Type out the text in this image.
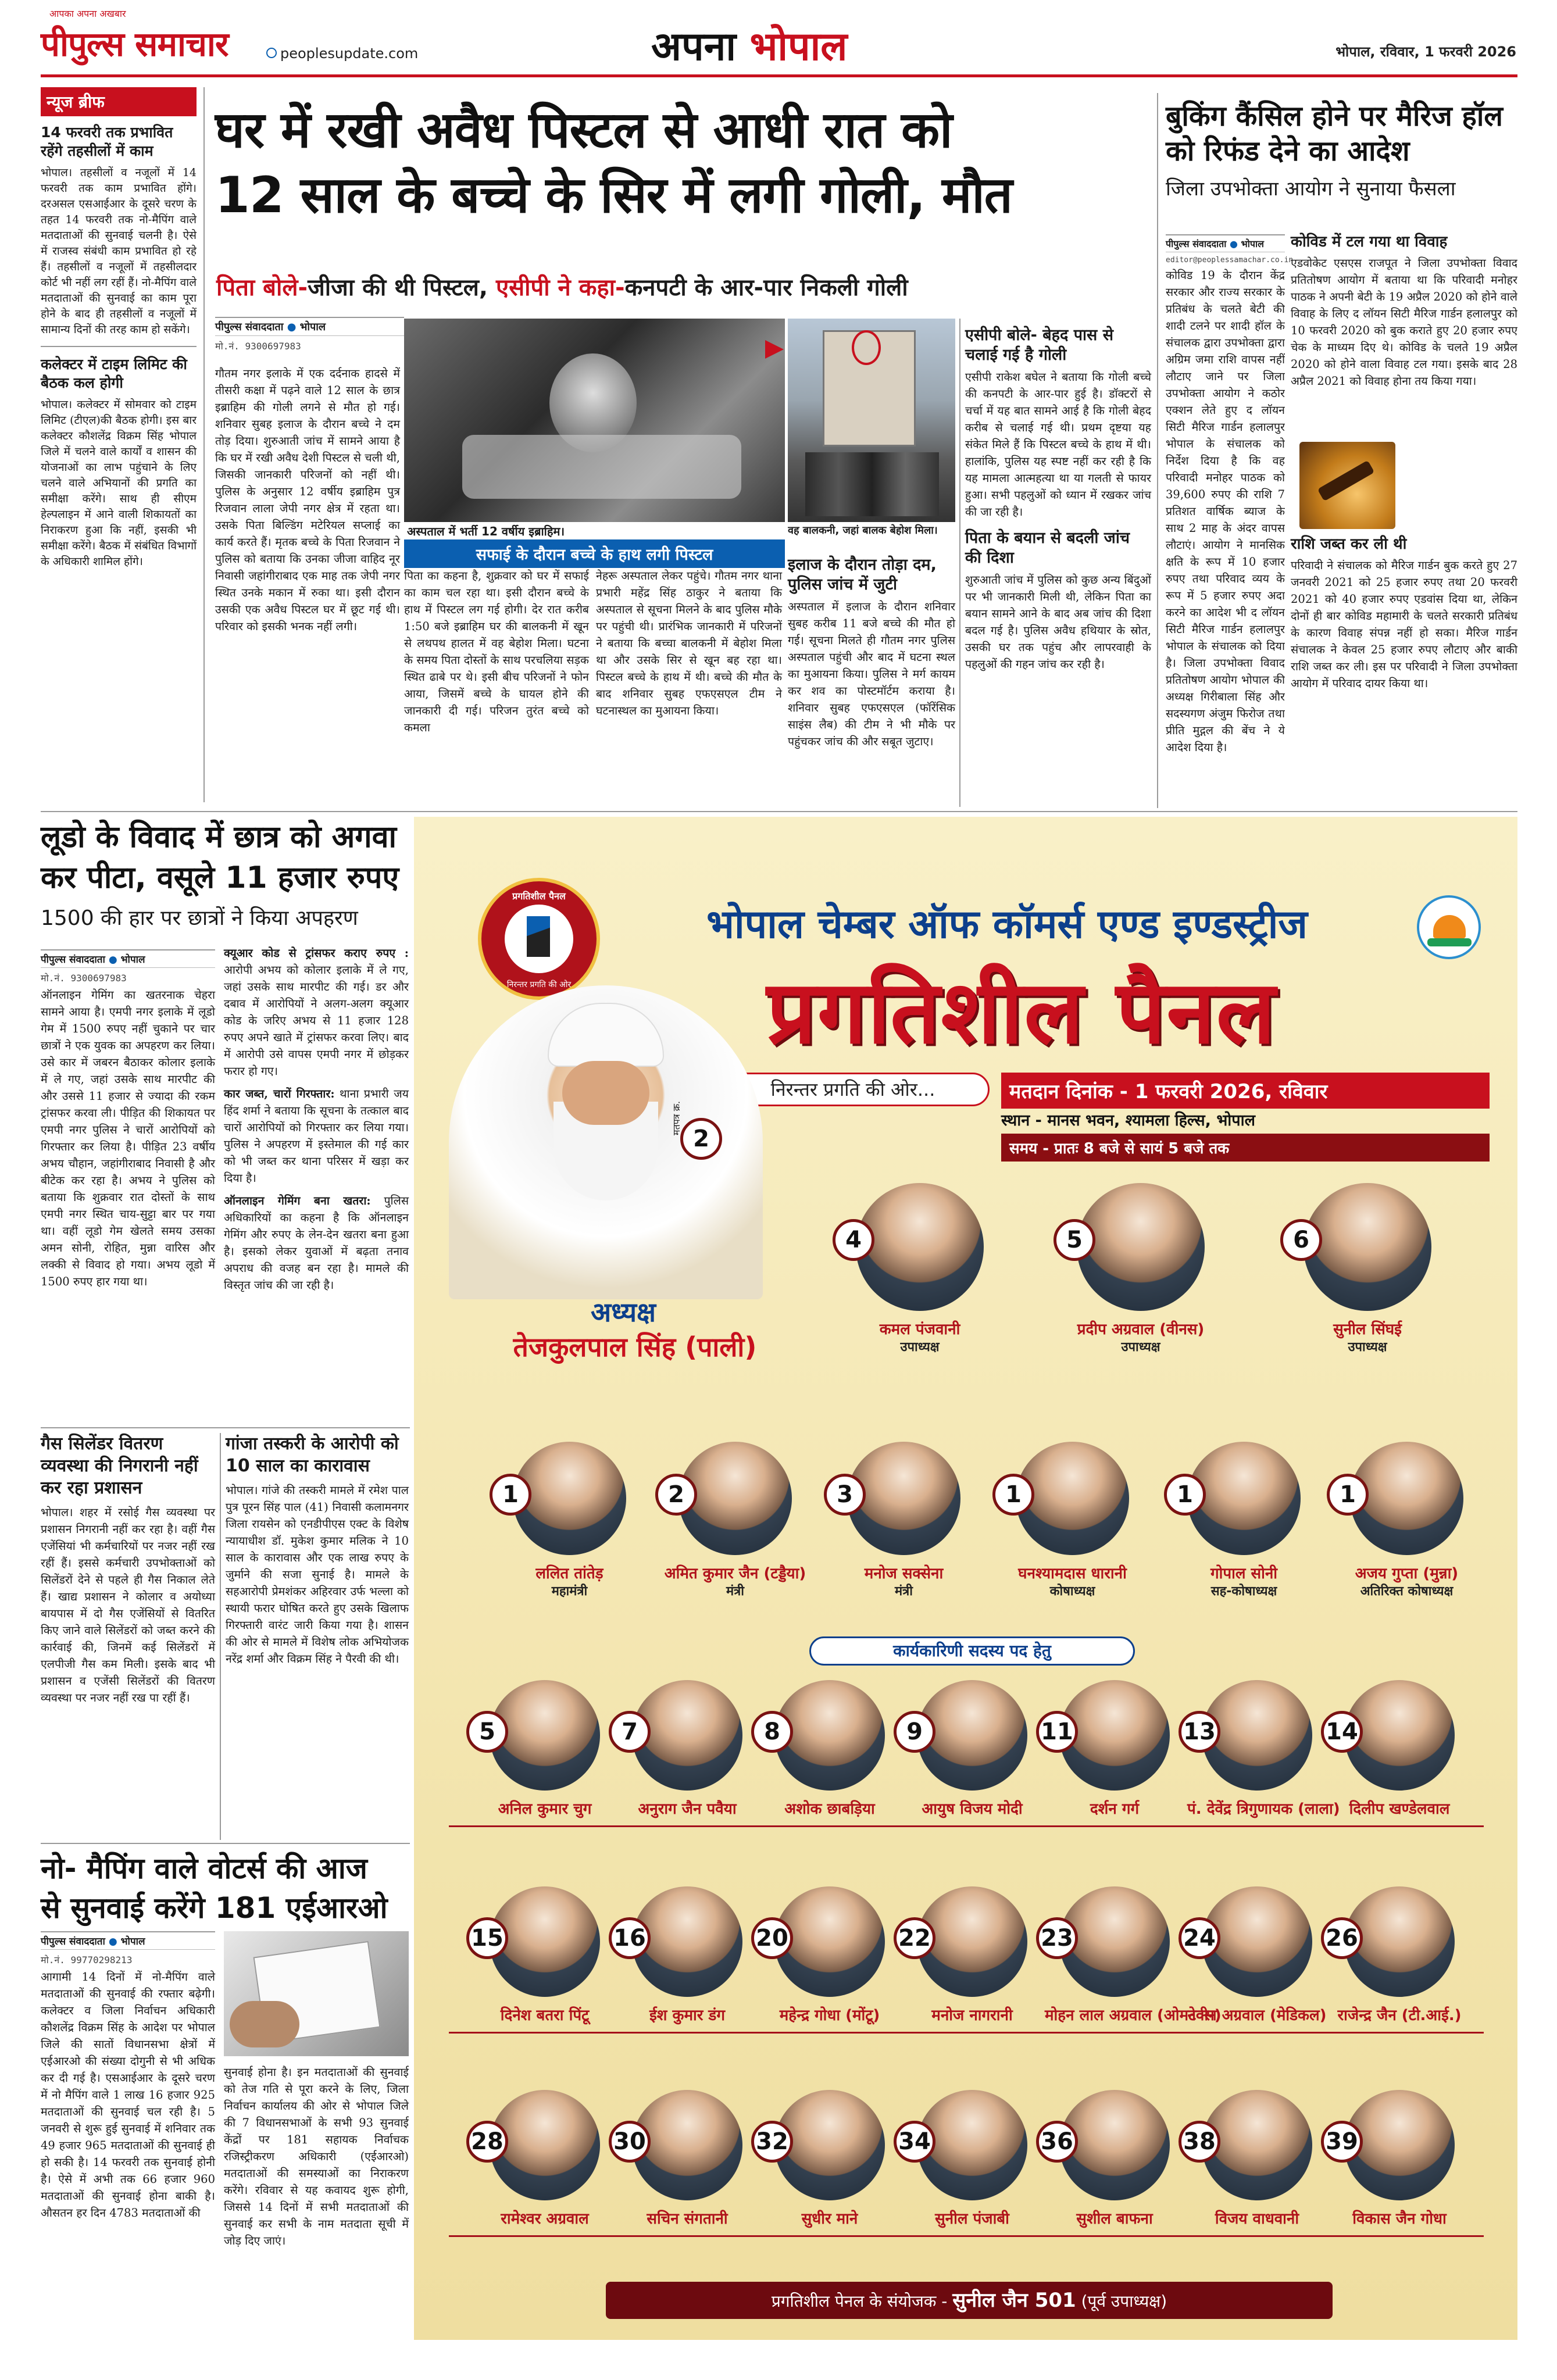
आपका अपना अखबार
पीपुल्स समाचार	peoplesupdate.com	अपना भोपाल	भोपाल, रविवार, 1 फरवरी 2026
न्यूज ब्रीफ
14 फरवरी तक प्रभावित रहेंगे तहसीलों में काम
भोपाल। तहसीलों व नजूलों में 14 फरवरी तक काम प्रभावित होंगे। दरअसल एसआईआर के दूसरे चरण के तहत 14 फरवरी तक नो-मैपिंग वाले मतदाताओं की सुनवाई चलनी है। ऐसे में राजस्व संबंधी काम प्रभावित हो रहे हैं। तहसीलों व नजूलों में तहसीलदार कोर्ट भी नहीं लग रहीं हैं। नो-मैपिंग वाले मतदाताओं की सुनवाई का काम पूरा होने के बाद ही तहसीलों व नजूलों में सामान्य दिनों की तरह काम हो सकेंगे।
कलेक्टर में टाइम लिमिट की बैठक कल होगी
भोपाल। कलेक्टर में सोमवार को टाइम लिमिट (टीएल)की बैठक होगी। इस बार कलेक्टर कौशलेंद्र विक्रम सिंह भोपाल जिले में चलने वाले कार्यों व शासन की योजनाओं का लाभ पहुंचाने के लिए चलने वाले अभियानों की प्रगति का समीक्षा करेंगे। साथ ही सीएम हेल्पलाइन में आने वाली शिकायतों का निराकरण हुआ कि नहीं, इसकी भी समीक्षा करेंगे। बैठक में संबंधित विभागों के अधिकारी शामिल होंगे।
घर में रखी अवैध पिस्टल से आधी रात को
12 साल के बच्चे के सिर में लगी गोली, मौत
पिता बोले-जीजा की थी पिस्टल, एसीपी ने कहा-कनपटी के आर-पार निकली गोली
पीपुल्स संवाददाता ● भोपाल
मो.नं. 9300697983
अस्पताल में भर्ती 12 वर्षीय इब्राहिम।	वह बालकनी, जहां बालक बेहोश मिला।
सफाई के दौरान बच्चे के हाथ लगी पिस्टल
गौतम नगर इलाके में एक दर्दनाक हादसे में तीसरी कक्षा में पढ़ने वाले 12 साल के छात्र इब्राहिम की गोली लगने से मौत हो गई। शनिवार सुबह इलाज के दौरान बच्चे ने दम तोड़ दिया। शुरुआती जांच में सामने आया है कि घर में रखी अवैध देशी पिस्टल से चली थी, जिसकी जानकारी परिजनों को नहीं थी। पुलिस के अनुसार 12 वर्षीय इब्राहिम पुत्र रिजवान लाला जेपी नगर क्षेत्र में रहता था। उसके पिता बिल्डिंग मटेरियल सप्लाई का कार्य करते हैं। मृतक बच्चे के पिता रिजवान ने पुलिस को बताया कि उनका जीजा वाहिद नूर निवासी जहांगीराबाद एक माह तक जेपी नगर स्थित उनके मकान में रुका था। इसी दौरान उसकी एक अवैध पिस्टल घर में छूट गई थी। परिवार को इसकी भनक नहीं लगी।
पिता का कहना है, शुक्रवार को घर में सफाई का काम चल रहा था। इसी दौरान बच्चे के हाथ में पिस्टल लग गई होगी। देर रात करीब 1:50 बजे इब्राहिम घर की बालकनी में खून से लथपथ हालत में वह बेहोश मिला। घटना के समय पिता दोस्तों के साथ परचलिया सड़क स्थित ढाबे पर थे। इसी बीच परिजनों ने फोन आया, जिसमें बच्चे के घायल होने की जानकारी दी गई। परिजन तुरंत बच्चे को कमला
नेहरू अस्पताल लेकर पहुंचे। गौतम नगर थाना प्रभारी महेंद्र सिंह ठाकुर ने बताया कि अस्पताल से सूचना मिलने के बाद पुलिस मौके पर पहुंची थी। प्रारंभिक जानकारी में परिजनों ने बताया कि बच्चा बालकनी में बेहोश मिला था और उसके सिर से खून बह रहा था। पिस्टल बच्चे के हाथ में थी। बच्चे की मौत के बाद शनिवार सुबह एफएसएल टीम ने घटनास्थल का मुआयना किया।
इलाज के दौरान तोड़ा दम, पुलिस जांच में जुटी
अस्पताल में इलाज के दौरान शनिवार सुबह करीब 11 बजे बच्चे की मौत हो गई। सूचना मिलते ही गौतम नगर पुलिस अस्पताल पहुंची और बाद में घटना स्थल का मुआयना किया। पुलिस ने मर्ग कायम कर शव का पोस्टमॉर्टम कराया है। शनिवार सुबह एफएसएल (फॉरेंसिक साइंस लैब) की टीम ने भी मौके पर पहुंचकर जांच की और सबूत जुटाए।
एसीपी बोले- बेहद पास से चलाई गई है गोली
एसीपी राकेश बघेल ने बताया कि गोली बच्चे की कनपटी के आर-पार हुई है। डॉक्टरों से चर्चा में यह बात सामने आई है कि गोली बेहद करीब से चलाई गई थी। प्रथम दृष्टया यह संकेत मिले हैं कि पिस्टल बच्चे के हाथ में थी। हालांकि, पुलिस यह स्पष्ट नहीं कर रही है कि यह मामला आत्महत्या था या गलती से फायर हुआ। सभी पहलुओं को ध्यान में रखकर जांच की जा रही है।
पिता के बयान से बदली जांच की दिशा
शुरुआती जांच में पुलिस को कुछ अन्य बिंदुओं पर भी जानकारी मिली थी, लेकिन पिता का बयान सामने आने के बाद अब जांच की दिशा बदल गई है। पुलिस अवैध हथियार के स्रोत, उसकी घर तक पहुंच और लापरवाही के पहलुओं की गहन जांच कर रही है।
बुकिंग कैंसिल होने पर मैरिज हॉल को रिफंड देने का आदेश
जिला उपभोक्ता आयोग ने सुनाया फैसला
पीपुल्स संवाददाता ● भोपाल
editor@peoplessamachar.co.in
कोविड 19 के दौरान केंद्र सरकार और राज्य सरकार के प्रतिबंध के चलते बेटी की शादी टलने पर शादी हॉल के संचालक द्वारा उपभोक्ता द्वारा अग्रिम जमा राशि वापस नहीं लौटाए जाने पर जिला उपभोक्ता आयोग ने कठोर एक्शन लेते हुए द लॉयन सिटी मैरिज गार्डन हलालपुर भोपाल के संचालक को निर्देश दिया है कि वह परिवादी मनोहर पाठक को 39,600 रुपए की राशि 7 प्रतिशत वार्षिक ब्याज के साथ 2 माह के अंदर वापस लौटाएं। आयोग ने मानसिक क्षति के रूप में 10 हजार रुपए तथा परिवाद व्यय के रूप में 5 हजार रुपए अदा करने का आदेश भी द लॉयन सिटी मैरिज गार्डन हलालपुर भोपाल के संचालक को दिया है। जिला उपभोक्ता विवाद प्रतितोषण आयोग भोपाल की अध्यक्ष गिरीबाला सिंह और सदस्यगण अंजुम फिरोज तथा प्रीति मुद्गल की बेंच ने ये आदेश दिया है।
कोविड में टल गया था विवाह
एडवोकेट एसएस राजपूत ने जिला उपभोक्ता विवाद प्रतितोषण आयोग में बताया था कि परिवादी मनोहर पाठक ने अपनी बेटी के 19 अप्रैल 2020 को होने वाले विवाह के लिए द लॉयन सिटी मैरिज गार्डन हलालपुर को 10 फरवरी 2020 को बुक कराते हुए 20 हजार रुपए चेक के माध्यम दिए थे। कोविड के चलते 19 अप्रैल 2020 को होने वाला विवाह टल गया। इसके बाद 28 अप्रैल 2021 को विवाह होना तय किया गया।
राशि जब्त कर ली थी
परिवादी ने संचालक को मैरिज गार्डन बुक करते हुए 27 जनवरी 2021 को 25 हजार रुपए तथा 20 फरवरी 2021 को 40 हजार रुपए एडवांस दिया था, लेकिन दोनों ही बार कोविड महामारी के चलते सरकारी प्रतिबंध के कारण विवाह संपन्न नहीं हो सका। मैरिज गार्डन संचालक ने केवल 25 हजार रुपए लौटाए और बाकी राशि जब्त कर ली। इस पर परिवादी ने जिला उपभोक्ता आयोग में परिवाद दायर किया था।
लूडो के विवाद में छात्र को अगवा
कर पीटा, वसूले 11 हजार रुपए
1500 की हार पर छात्रों ने किया अपहरण
पीपुल्स संवाददाता ● भोपाल
मो.नं. 9300697983
ऑनलाइन गेमिंग का खतरनाक चेहरा सामने आया है। एमपी नगर इलाके में लूडो गेम में 1500 रुपए नहीं चुकाने पर चार छात्रों ने एक युवक का अपहरण कर लिया। उसे कार में जबरन बैठाकर कोलार इलाके में ले गए, जहां उसके साथ मारपीट की और उससे 11 हजार से ज्यादा की रकम ट्रांसफर करवा ली। पीड़ित की शिकायत पर एमपी नगर पुलिस ने चारों आरोपियों को गिरफ्तार कर लिया है। पीड़ित 23 वर्षीय अभय चौहान, जहांगीराबाद निवासी है और बीटेक कर रहा है। अभय ने पुलिस को बताया कि शुक्रवार रात दोस्तों के साथ एमपी नगर स्थित चाय-सुट्टा बार पर गया था। वहीं लूडो गेम खेलते समय उसका अमन सोनी, रोहित, मुन्ना वारिस और लक्की से विवाद हो गया। अभय लूडो में 1500 रुपए हार गया था।

क्यूआर कोड से ट्रांसफर कराए रुपए : आरोपी अभय को कोलार इलाके में ले गए, जहां उसके साथ मारपीट की गई। डर और दबाव में आरोपियों ने अलग-अलग क्यूआर कोड के जरिए अभय से 11 हजार 128 रुपए अपने खाते में ट्रांसफर करवा लिए। बाद में आरोपी उसे वापस एमपी नगर में छोड़कर फरार हो गए।

कार जब्त, चारों गिरफ्तार: थाना प्रभारी जय हिंद शर्मा ने बताया कि सूचना के तत्काल बाद चारों आरोपियों को गिरफ्तार कर लिया गया। पुलिस ने अपहरण में इस्तेमाल की गई कार को भी जब्त कर थाना परिसर में खड़ा कर दिया है।

ऑनलाइन गेमिंग बना खतरा: पुलिस अधिकारियों का कहना है कि ऑनलाइन गेमिंग और रुपए के लेन-देन खतरा बना हुआ है। इसको लेकर युवाओं में बढ़ता तनाव अपराध की वजह बन रहा है। मामले की विस्तृत जांच की जा रही है।

गैस सिलेंडर वितरण व्यवस्था की निगरानी नहीं कर रहा प्रशासन
भोपाल। शहर में रसोई गैस व्यवस्था पर प्रशासन निगरानी नहीं कर रहा है। वहीं गैस एजेंसियां भी कर्मचारियों पर नजर नहीं रख रहीं हैं। इससे कर्मचारी उपभोक्ताओं को सिलेंडरों देने से पहले ही गैस निकाल लेते हैं। खाद्य प्रशासन ने कोलार व अयोध्या बायपास में दो गैस एजेंसियों से वितरित किए जाने वाले सिलेंडरों को जब्त करने की कार्रवाई की, जिनमें कई सिलेंडरों में एलपीजी गैस कम मिली। इसके बाद भी प्रशासन व एजेंसी सिलेंडरों की वितरण व्यवस्था पर नजर नहीं रख पा रहीं हैं।
गांजा तस्करी के आरोपी को 10 साल का कारावास
भोपाल। गांजे की तस्करी मामले में रमेश पाल पुत्र पूरन सिंह पाल (41) निवासी कलामनगर जिला रायसेन को एनडीपीएस एक्ट के विशेष न्यायाधीश डॉ. मुकेश कुमार मलिक ने 10 साल के कारावास और एक लाख रुपए के जुर्माने की सजा सुनाई है। मामले के सहआरोपी प्रेमशंकर अहिरवार उर्फ भल्ला को स्थायी फरार घोषित करते हुए उसके खिलाफ गिरफ्तारी वारंट जारी किया गया है। शासन की ओर से मामले में विशेष लोक अभियोजक नरेंद्र शर्मा और विक्रम सिंह ने पैरवी की थी।
नो- मैपिंग वाले वोटर्स की आज
से सुनवाई करेंगे 181 एईआरओ
पीपुल्स संवाददाता ● भोपाल
मो.नं. 99770298213
आगामी 14 दिनों में नो-मैपिंग वाले मतदाताओं की सुनवाई की रफ्तार बढ़ेगी। कलेक्टर व जिला निर्वाचन अधिकारी कौशलेंद्र विक्रम सिंह के आदेश पर भोपाल जिले की सातों विधानसभा क्षेत्रों में एईआरओ की संख्या दोगुनी से भी अधिक कर दी गई है। एसआईआर के दूसरे चरण में नो मैपिंग वाले 1 लाख 16 हजार 925 मतदाताओं की सुनवाई चल रही है। 5 जनवरी से शुरू हुई सुनवाई में शनिवार तक 49 हजार 965 मतदाताओं की सुनवाई ही हो सकी है। 14 फरवरी तक सुनवाई होनी है। ऐसे में अभी तक 66 हजार 960 मतदाताओं की सुनवाई होना बाकी है। औसतन हर दिन 4783 मतदाताओं की
सुनवाई होना है। इन मतदाताओं की सुनवाई को तेज गति से पूरा करने के लिए, जिला निर्वाचन कार्यालय की ओर से भोपाल जिले की 7 विधानसभाओं के सभी 93 सुनवाई केंद्रों पर 181 सहायक निर्वाचक रजिस्ट्रीकरण अधिकारी (एईआरओ) मतदाताओं की समस्याओं का निराकरण करेंगे। रविवार से यह कवायद शुरू होगी, जिससे 14 दिनों में सभी मतदाताओं की सुनवाई कर सभी के नाम मतदाता सूची में जोड़ दिए जाएं।
प्रगतिशील पैनल
निरन्तर प्रगति की ओर
भोपाल चेम्बर ऑफ कॉमर्स एण्ड इण्डस्ट्रीज
प्रगतिशील पैनल
निरन्तर प्रगति की ओर...	मतदान दिनांक - 1 फरवरी 2026, रविवार
स्थान - मानस भवन, श्यामला हिल्स, भोपाल
समय - प्रातः 8 बजे से सायं 5 बजे तक
मतपत्र क्र.
2
अध्यक्ष
तेजकुलपाल सिंह (पाली)
4
कमल पंजवानी
उपाध्यक्ष
5
प्रदीप अग्रवाल (वीनस)
उपाध्यक्ष
6
सुनील सिंघई
उपाध्यक्ष
1
ललित तांतेड़
महामंत्री
2
अमित कुमार जैन (टड्डैया)
मंत्री
3
मनोज सक्सेना
मंत्री
1
घनश्यामदास धारानी
कोषाध्यक्ष
1
गोपाल सोनी
सह-कोषाध्यक्ष
1
अजय गुप्ता (मुन्ना)
अतिरिक्त कोषाध्यक्ष
कार्यकारिणी सदस्य पद हेतु
5
अनिल कुमार चुग
7
अनुराग जैन पवैया
8
अशोक छाबड़िया
9
आयुष विजय मोदी
11
दर्शन गर्ग
13
पं. देवेंद्र त्रिगुणायक (लाला)
14
दिलीप खण्डेलवाल
15
दिनेश बतरा पिंटू
16
ईश कुमार डंग
20
महेन्द्र गोधा (मोंटू)
22
मनोज नागरानी
23
मोहन लाल अग्रवाल (ओमटेक्स)
24
नवीन अग्रवाल (मेडिकल)
26
राजेन्द्र जैन (टी.आई.)
28
रामेश्वर अग्रवाल
30
सचिन संगतानी
32
सुधीर माने
34
सुनील पंजाबी
36
सुशील बाफना
38
विजय वाधवानी
39
विकास जैन गोधा
प्रगतिशील पेनल के संयोजक - सुनील जैन 501 (पूर्व उपाध्यक्ष)
